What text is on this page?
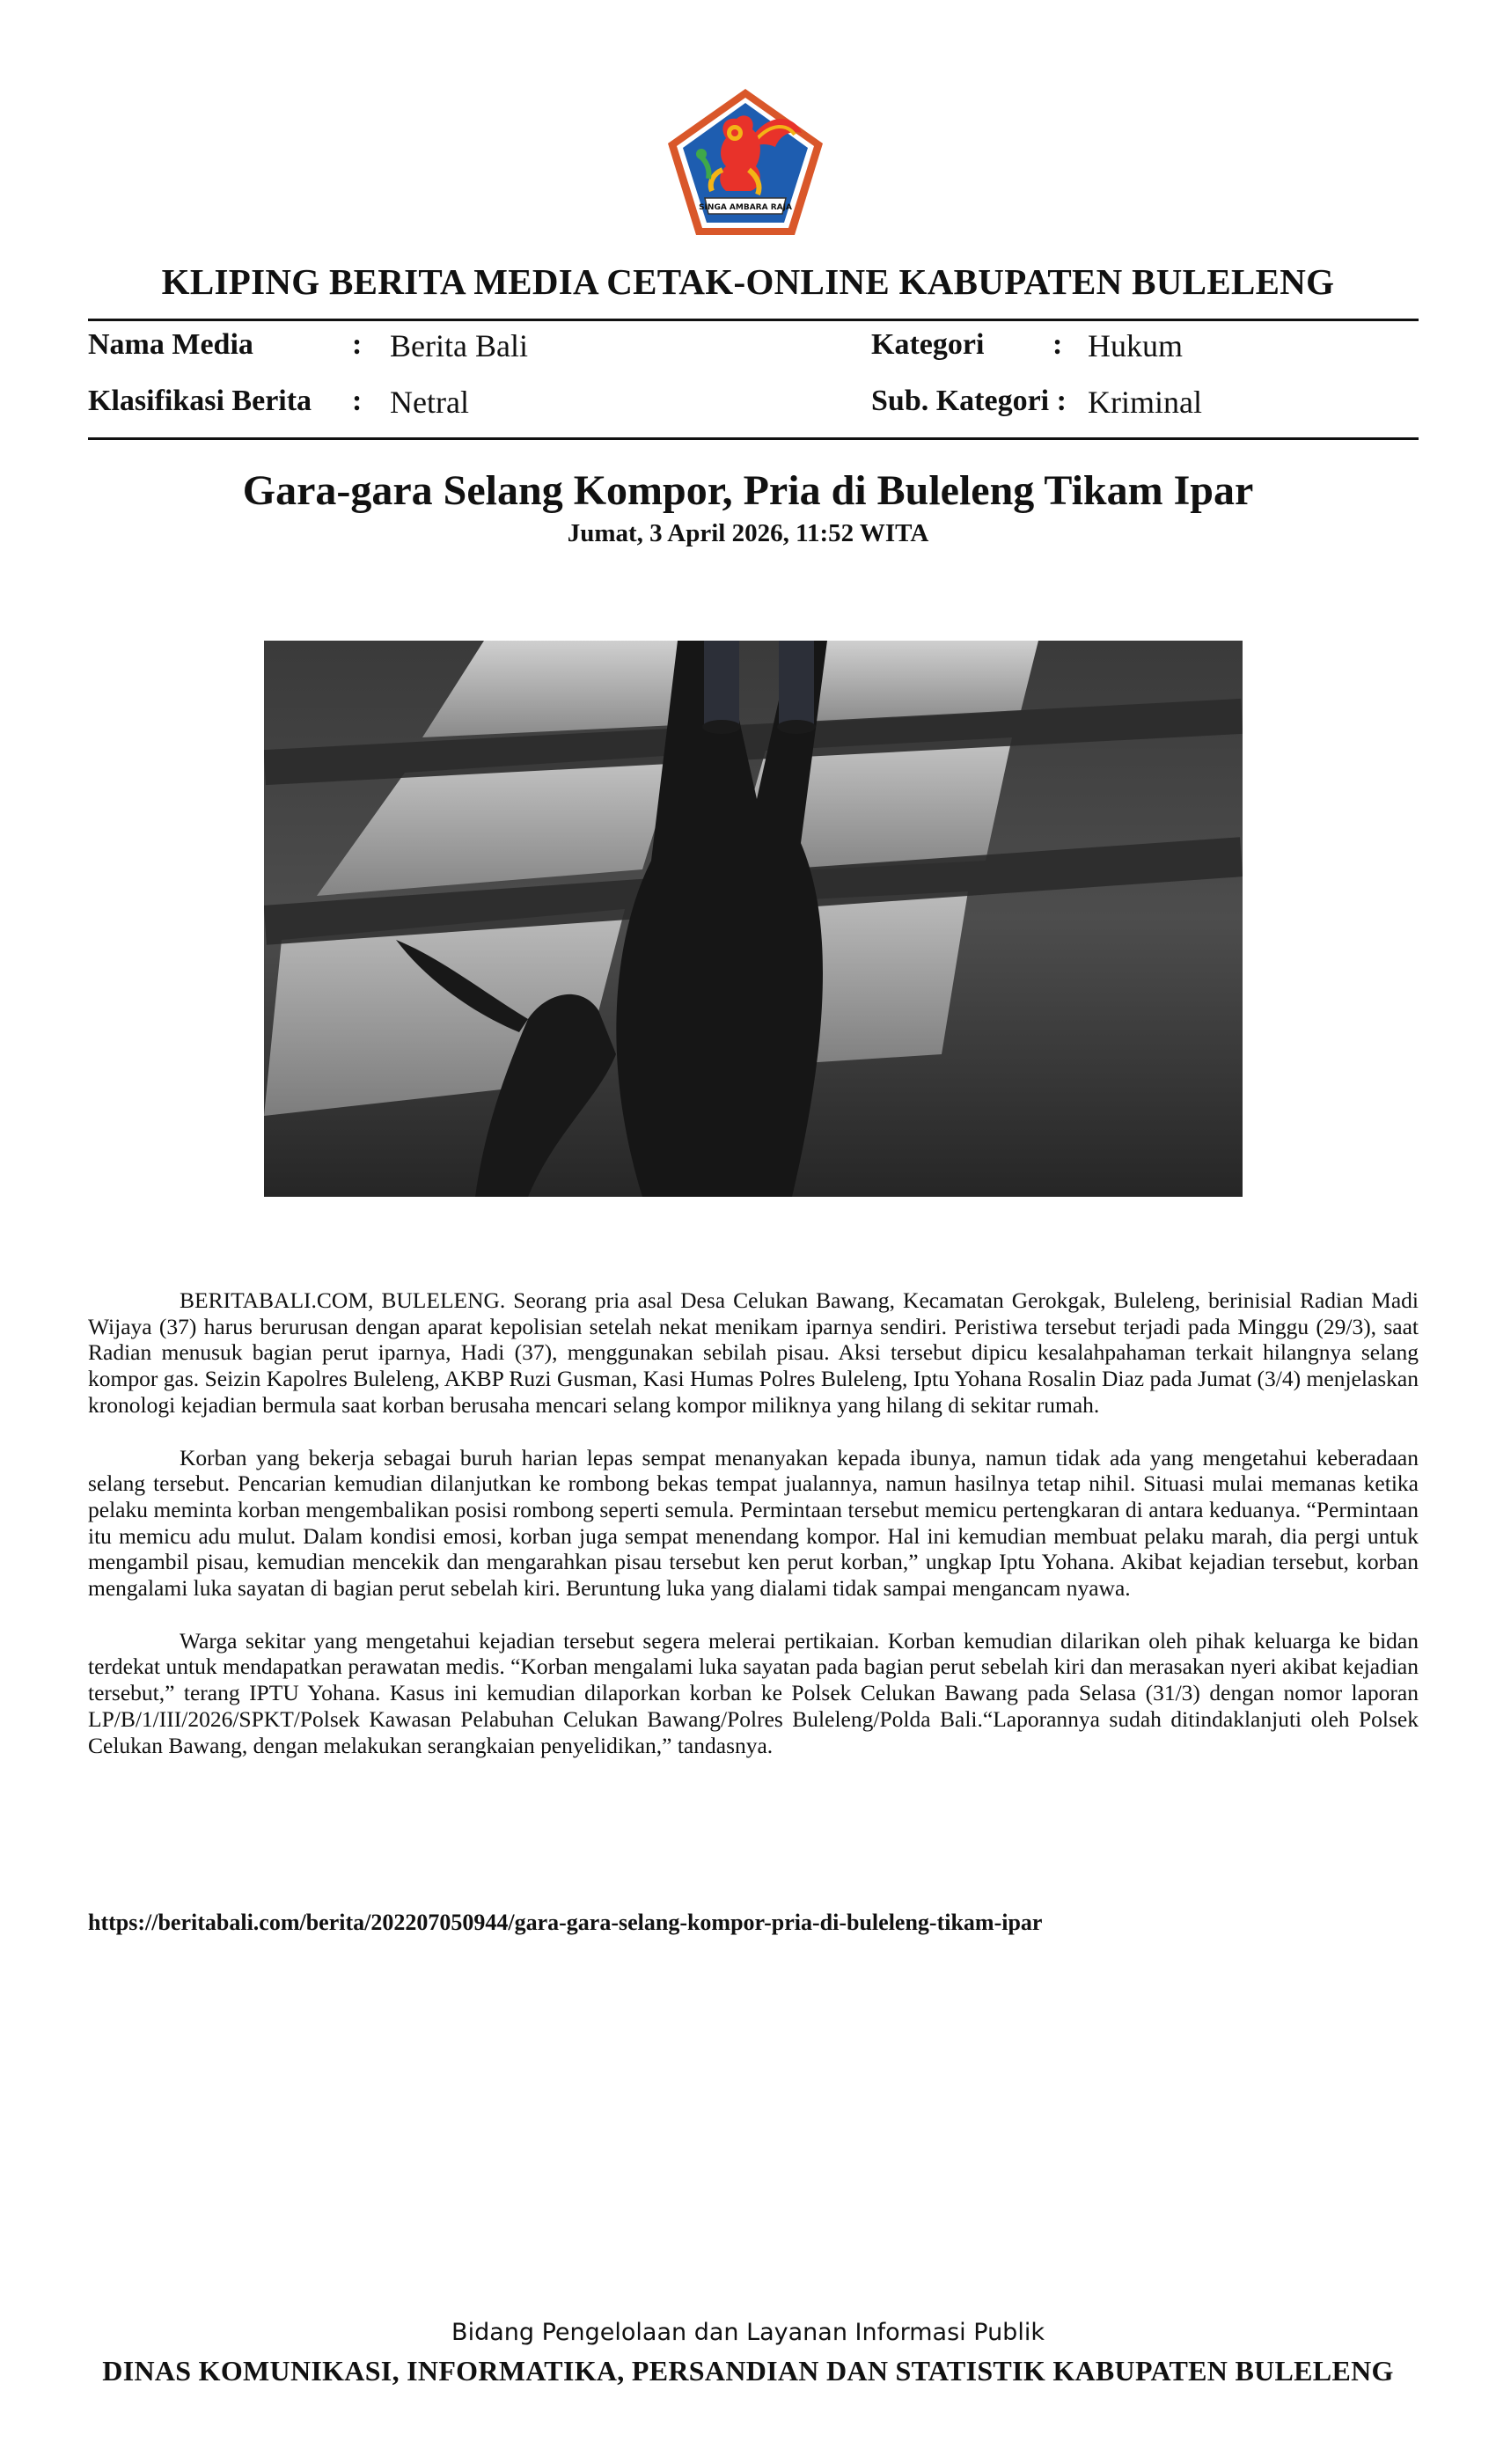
SINGA AMBARA RAJA
KLIPING BERITA MEDIA CETAK-ONLINE KABUPATEN BULELENG
Nama Media	: Berita Bali
Klasifikasi Berita : Netral
Kategori : Hukum
Sub. Kategori : Kriminal
Gara-gara Selang Kompor, Pria di Buleleng Tikam Ipar
Jumat, 3 April 2026, 11:52 WITA

BERITABALI.COM, BULELENG. Seorang pria asal Desa Celukan Bawang, Kecamatan Gerokgak, Buleleng, berinisial Radian Madi Wijaya (37) harus berurusan dengan aparat kepolisian setelah nekat menikam iparnya sendiri. Peristiwa tersebut terjadi pada Minggu (29/3), saat Radian menusuk bagian perut iparnya, Hadi (37), menggunakan sebilah pisau. Aksi tersebut dipicu kesalahpahaman terkait hilangnya selang kompor gas. Seizin Kapolres Buleleng, AKBP Ruzi Gusman, Kasi Humas Polres Buleleng, Iptu Yohana Rosalin Diaz pada Jumat (3/4) menjelaskan kronologi kejadian bermula saat korban berusaha mencari selang kompor miliknya yang hilang di sekitar rumah.

Korban yang bekerja sebagai buruh harian lepas sempat menanyakan kepada ibunya, namun tidak ada yang mengetahui keberadaan selang tersebut. Pencarian kemudian dilanjutkan ke rombong bekas tempat jualannya, namun hasilnya tetap nihil. Situasi mulai memanas ketika pelaku meminta korban mengembalikan posisi rombong seperti semula. Permintaan tersebut memicu pertengkaran di antara keduanya. “Permintaan itu memicu adu mulut. Dalam kondisi emosi, korban juga sempat menendang kompor. Hal ini kemudian membuat pelaku marah, dia pergi untuk mengambil pisau, kemudian mencekik dan mengarahkan pisau tersebut ken perut korban,” ungkap Iptu Yohana. Akibat kejadian tersebut, korban mengalami luka sayatan di bagian perut sebelah kiri. Beruntung luka yang dialami tidak sampai mengancam nyawa.

Warga sekitar yang mengetahui kejadian tersebut segera melerai pertikaian. Korban kemudian dilarikan oleh pihak keluarga ke bidan terdekat untuk mendapatkan perawatan medis. “Korban mengalami luka sayatan pada bagian perut sebelah kiri dan merasakan nyeri akibat kejadian tersebut,” terang IPTU Yohana. Kasus ini kemudian dilaporkan korban ke Polsek Celukan Bawang pada Selasa (31/3) dengan nomor laporan LP/B/1/III/2026/SPKT/Polsek Kawasan Pelabuhan Celukan Bawang/Polres Buleleng/Polda Bali.“Laporannya sudah ditindaklanjuti oleh Polsek Celukan Bawang, dengan melakukan serangkaian penyelidikan,” tandasnya.

https://beritabali.com/berita/202207050944/gara-gara-selang-kompor-pria-di-buleleng-tikam-ipar
Bidang Pengelolaan dan Layanan Informasi Publik
DINAS KOMUNIKASI, INFORMATIKA, PERSANDIAN DAN STATISTIK KABUPATEN BULELENG
